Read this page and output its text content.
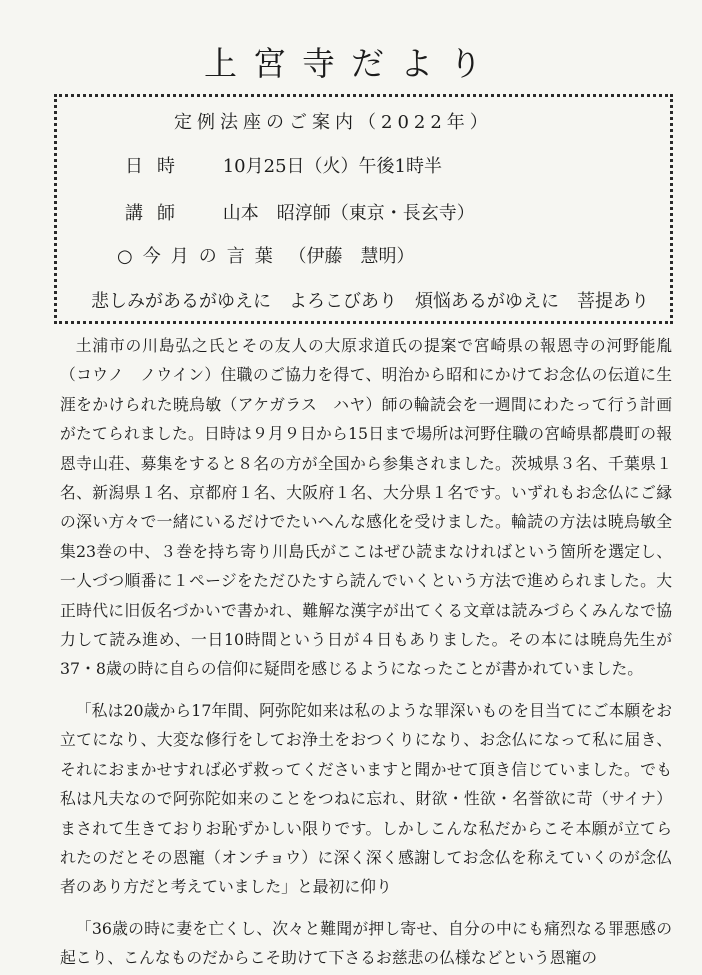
上宮寺だより
定例法座のご案内（2022年）
日時 10月25日（火）午後1時半
講師 山本　昭淳師（東京・長玄寺）
○今月の言葉 （伊藤　慧明）
悲しみがあるがゆえに　よろこびあり　煩悩あるがゆえに　菩提あり

土浦市の川島弘之氏とその友人の大原求道氏の提案で宮崎県の報恩寺の河野能胤（コウノ　ノウイン）住職のご協力を得て、明治から昭和にかけてお念仏の伝道に生涯をかけられた暁烏敏（アケガラス　ハヤ）師の輪読会を一週間にわたって行う計画がたてられました。日時は９月９日から15日まで場所は河野住職の宮崎県都農町の報恩寺山荘、募集をすると８名の方が全国から参集されました。茨城県３名、千葉県１名、新潟県１名、京都府１名、大阪府１名、大分県１名です。いずれもお念仏にご縁の深い方々で一緒にいるだけでたいへんな感化を受けました。輪読の方法は暁烏敏全集23巻の中、３巻を持ち寄り川島氏がここはぜひ読まなければという箇所を選定し、一人づつ順番に１ページをただひたすら読んでいくという方法で進められました。大正時代に旧仮名づかいで書かれ、難解な漢字が出てくる文章は読みづらくみんなで協力して読み進め、一日10時間という日が４日もありました。その本には暁烏先生が37・8歳の時に自らの信仰に疑問を感じるようになったことが書かれていました。

「私は20歳から17年間、阿弥陀如来は私のような罪深いものを目当てにご本願をお立てになり、大変な修行をしてお浄土をおつくりになり、お念仏になって私に届き、それにおまかせすれば必ず救ってくださいますと聞かせて頂き信じていました。でも私は凡夫なので阿弥陀如来のことをつねに忘れ、財欲・性欲・名誉欲に苛（サイナ）まされて生きておりお恥ずかしい限りです。しかしこんな私だからこそ本願が立てられたのだとその恩寵（オンチョウ）に深く深く感謝してお念仏を称えていくのが念仏者のあり方だと考えていました」と最初に仰り

「36歳の時に妻を亡くし、次々と難聞が押し寄せ、自分の中にも痛烈なる罪悪感の起こり、こんなものだからこそ助けて下さるお慈悲の仏様などという恩寵の
